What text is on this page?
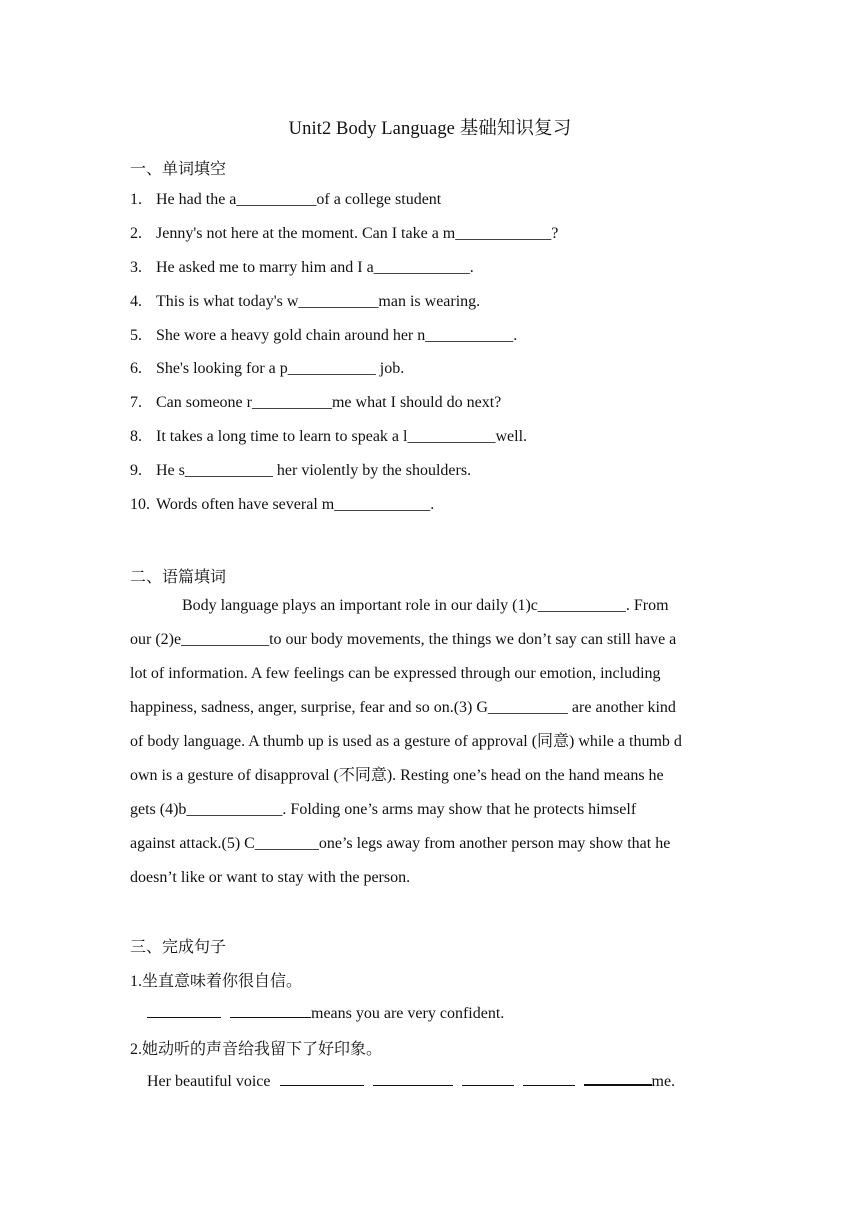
Unit2 Body Language 基础知识复习
一、单词填空
1. He had the a__________of a college student
2. Jenny's not here at the moment. Can I take a m____________?
3. He asked me to marry him and I a____________.
4. This is what today's w__________man is wearing.
5. She wore a heavy gold chain around her n___________.
6. She's looking for a p___________ job.
7. Can someone r__________me what I should do next?
8. It takes a long time to learn to speak a l___________well.
9. He s___________ her violently by the shoulders.
10. Words often have several m____________.
二、语篇填词
Body language plays an important role in our daily (1)c___________. From
our (2)e___________to our body movements, the things we don’t say can still have a
lot of information. A few feelings can be expressed through our emotion, including
happiness, sadness, anger, surprise, fear and so on.(3) G__________ are another kind
of body language. A thumb up is used as a gesture of approval (同意) while a thumb d
own is a gesture of disapproval (不同意). Resting one’s head on the hand means he
gets (4)b____________. Folding one’s arms may show that he protects himself
against attack.(5) C________one’s legs away from another person may show that he
doesn’t like or want to stay with the person.
三、完成句子
1.坐直意味着你很自信。
means you are very confident.
2.她动听的声音给我留下了好印象。
Her beautiful voice	me.
